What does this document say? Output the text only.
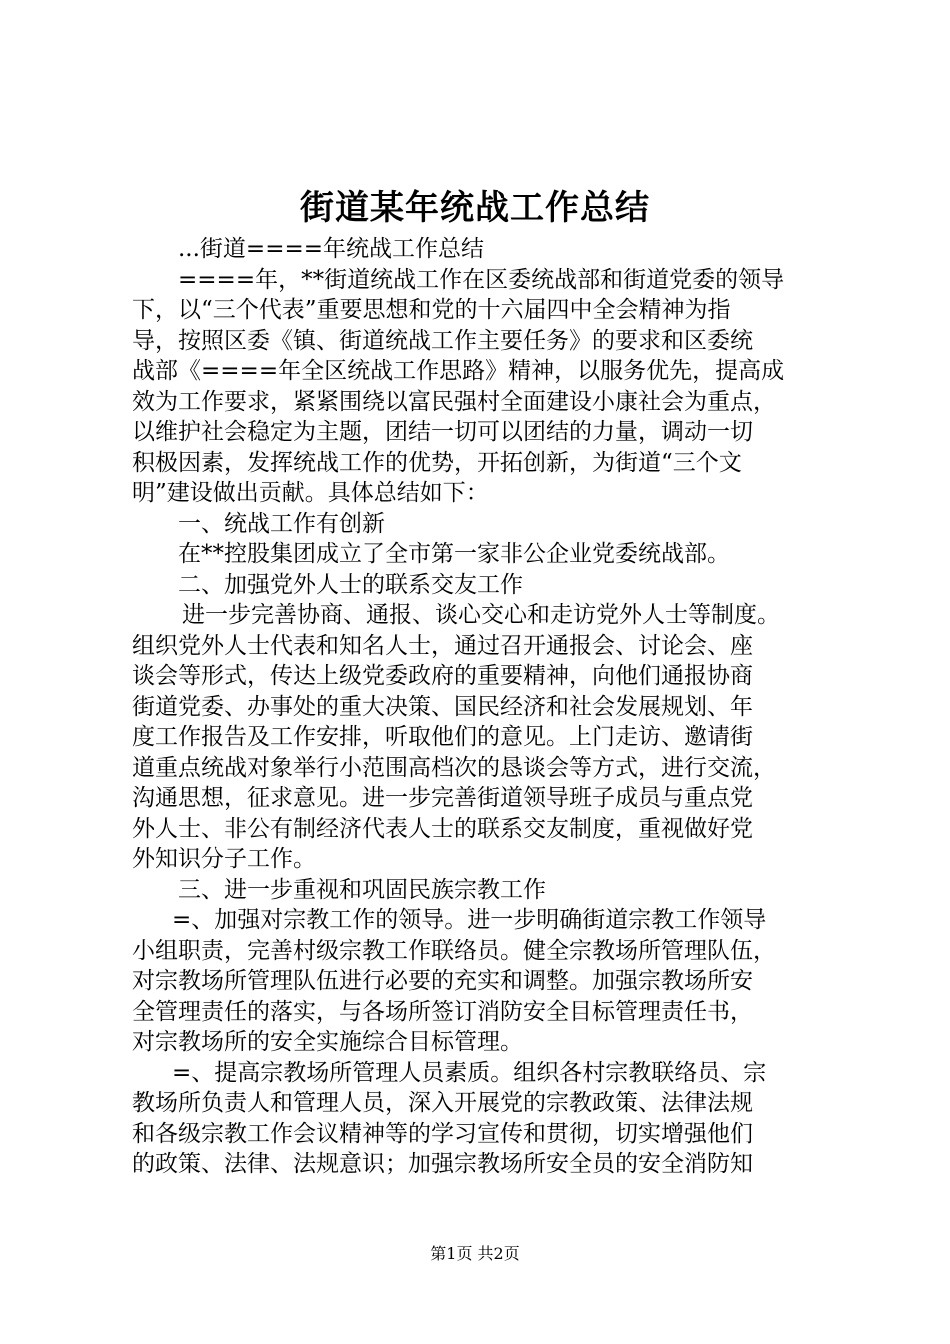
街道某年统战工作总结
...街道====年统战工作总结
====年，**街道统战工作在区委统战部和街道党委的领导
下，以“三个代表”重要思想和党的十六届四中全会精神为指
导，按照区委《镇、街道统战工作主要任务》的要求和区委统
战部《====年全区统战工作思路》精神，以服务优先，提高成
效为工作要求，紧紧围绕以富民强村全面建设小康社会为重点，
以维护社会稳定为主题，团结一切可以团结的力量，调动一切
积极因素，发挥统战工作的优势，开拓创新，为街道“三个文
明”建设做出贡献。具体总结如下：
一、统战工作有创新
在**控股集团成立了全市第一家非公企业党委统战部。
二、加强党外人士的联系交友工作
进一步完善协商、通报、谈心交心和走访党外人士等制度。
组织党外人士代表和知名人士，通过召开通报会、讨论会、座
谈会等形式，传达上级党委政府的重要精神，向他们通报协商
街道党委、办事处的重大决策、国民经济和社会发展规划、年
度工作报告及工作安排，听取他们的意见。上门走访、邀请街
道重点统战对象举行小范围高档次的恳谈会等方式，进行交流，
沟通思想，征求意见。进一步完善街道领导班子成员与重点党
外人士、非公有制经济代表人士的联系交友制度，重视做好党
外知识分子工作。
三、进一步重视和巩固民族宗教工作
=、加强对宗教工作的领导。进一步明确街道宗教工作领导
小组职责，完善村级宗教工作联络员。健全宗教场所管理队伍，
对宗教场所管理队伍进行必要的充实和调整。加强宗教场所安
全管理责任的落实，与各场所签订消防安全目标管理责任书，
对宗教场所的安全实施综合目标管理。
=、提高宗教场所管理人员素质。组织各村宗教联络员、宗
教场所负责人和管理人员，深入开展党的宗教政策、法律法规
和各级宗教工作会议精神等的学习宣传和贯彻，切实增强他们
的政策、法律、法规意识；加强宗教场所安全员的安全消防知
第1页 共2页
